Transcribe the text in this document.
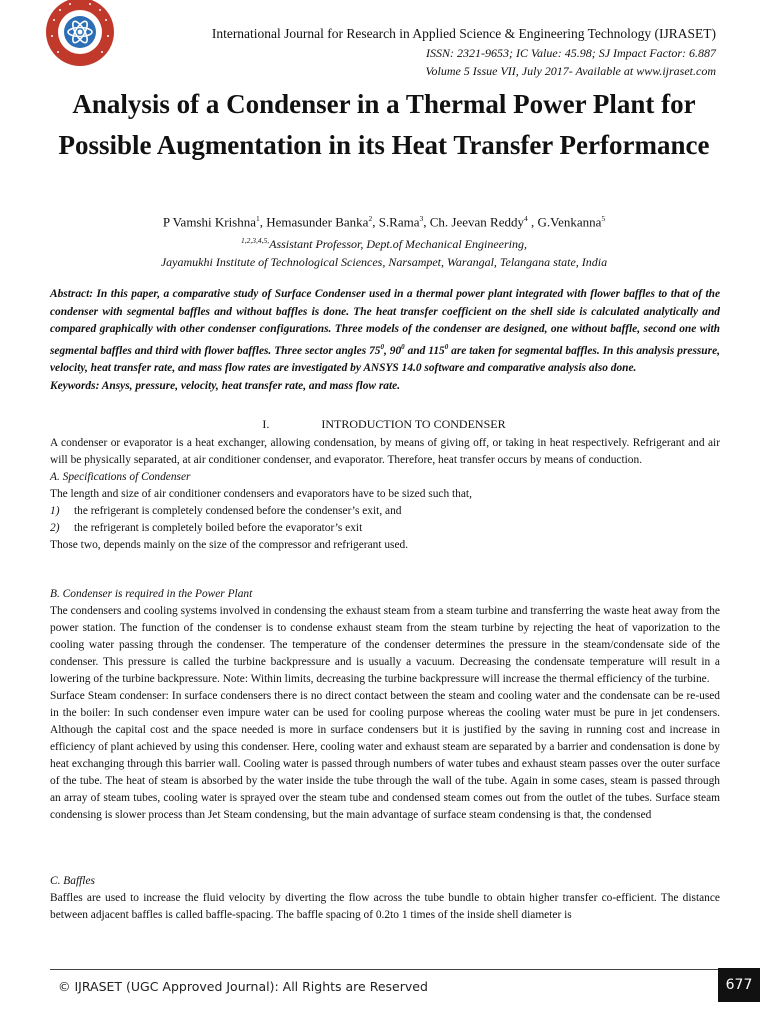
International Journal for Research in Applied Science & Engineering Technology (IJRASET)
ISSN: 2321-9653; IC Value: 45.98; SJ Impact Factor: 6.887
Volume 5 Issue VII, July 2017- Available at www.ijraset.com
Analysis of a Condenser in a Thermal Power Plant for Possible Augmentation in its Heat Transfer Performance
P Vamshi Krishna$^1$, Hemasunder Banka$^2$, S.Rama$^3$, Ch. Jeevan Reddy$^4$ , G.Venkanna$^5$
$^{1,2,3,4,5,}$Assistant Professor, Dept.of Mechanical Engineering,
Jayamukhi Institute of Technological Sciences, Narsampet, Warangal, Telangana state, India

Abstract: In this paper, a comparative study of Surface Condenser used in a thermal power plant integrated with flower baffles to that of the condenser with segmental baffles and without baffles is done. The heat transfer coefficient on the shell side is calculated analytically and compared graphically with other condenser configurations. Three models of the condenser are designed, one without baffle, second one with segmental baffles and third with flower baffles. Three sector angles $75^0$, $90^0$ and $115^0$ are taken for segmental baffles. In this analysis pressure, velocity, heat transfer rate, and mass flow rates are investigated by ANSYS 14.0 software and comparative analysis also done.

Keywords: Ansys, pressure, velocity, heat transfer rate, and mass flow rate.

I.	INTRODUCTION TO CONDENSER

A condenser or evaporator is a heat exchanger, allowing condensation, by means of giving off, or taking in heat respectively. Refrigerant and air will be physically separated, at air conditioner condenser, and evaporator. Therefore, heat transfer occurs by means of conduction.

A. Specifications of Condenser

The length and size of air conditioner condensers and evaporators have to be sized such that,

1)	the refrigerant is completely condensed before the condenser’s exit, and
2)	the refrigerant is completely boiled before the evaporator’s exit

Those two, depends mainly on the size of the compressor and refrigerant used.

B. Condenser is required in the Power Plant

The condensers and cooling systems involved in condensing the exhaust steam from a steam turbine and transferring the waste heat away from the power station. The function of the condenser is to condense exhaust steam from the steam turbine by rejecting the heat of vaporization to the cooling water passing through the condenser. The temperature of the condenser determines the pressure in the steam/condensate side of the condenser. This pressure is called the turbine backpressure and is usually a vacuum. Decreasing the condensate temperature will result in a lowering of the turbine backpressure. Note: Within limits, decreasing the turbine backpressure will increase the thermal efficiency of the turbine.

Surface Steam condenser: In surface condensers there is no direct contact between the steam and cooling water and the condensate can be re-used in the boiler: In such condenser even impure water can be used for cooling purpose whereas the cooling water must be pure in jet condensers. Although the capital cost and the space needed is more in surface condensers but it is justified by the saving in running cost and increase in efficiency of plant achieved by using this condenser. Here, cooling water and exhaust steam are separated by a barrier and condensation is done by heat exchanging through this barrier wall. Cooling water is passed through numbers of water tubes and exhaust steam passes over the outer surface of the tube. The heat of steam is absorbed by the water inside the tube through the wall of the tube. Again in some cases, steam is passed through an array of steam tubes, cooling water is sprayed over the steam tube and condensed steam comes out from the outlet of the tubes. Surface steam condensing is slower process than Jet Steam condensing, but the main advantage of surface steam condensing is that, the condensed

C. Baffles

Baffles are used to increase the fluid velocity by diverting the flow across the tube bundle to obtain higher transfer co-efficient. The distance between adjacent baffles is called baffle-spacing. The baffle spacing of 0.2to 1 times of the inside shell diameter is

© IJRASET (UGC Approved Journal): All Rights are Reserved	677
